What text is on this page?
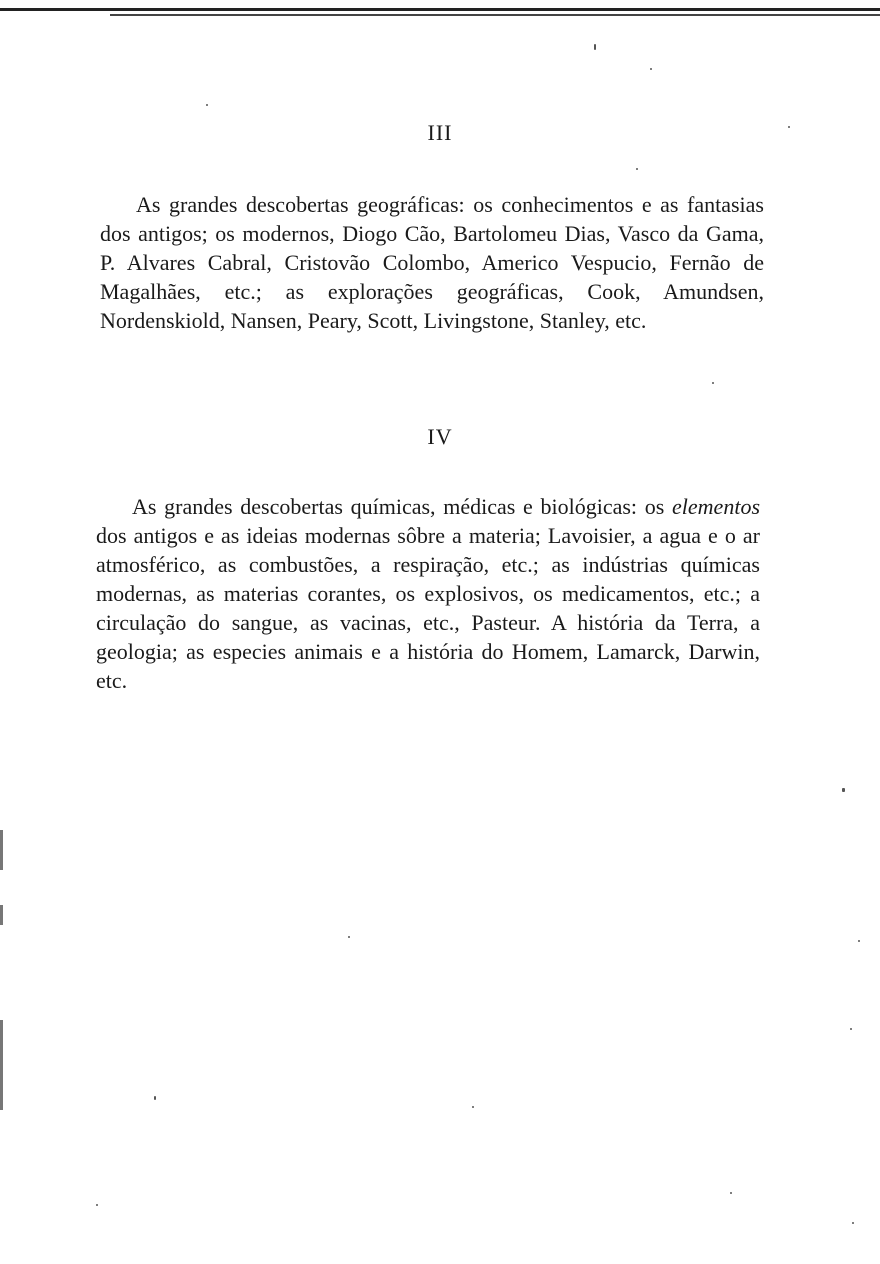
III
As grandes descobertas geográficas: os conhecimentos e as fantasias dos antigos; os modernos, Diogo Cão, Bartolomeu Dias, Vasco da Gama, P. Alvares Cabral, Cristovão Colombo, Americo Vespucio, Fernão de Magalhães, etc.; as explorações geográficas, Cook, Amundsen, Nordenskiold, Nansen, Peary, Scott, Livingstone, Stanley, etc.
IV
As grandes descobertas químicas, médicas e biológicas: os elementos dos antigos e as ideias modernas sôbre a materia; Lavoisier, a agua e o ar atmosférico, as combustões, a respiração, etc.; as indústrias químicas modernas, as materias corantes, os explosivos, os medicamentos, etc.; a circulação do sangue, as vacinas, etc., Pasteur. A história da Terra, a geologia; as especies animais e a história do Homem, Lamarck, Darwin, etc.
